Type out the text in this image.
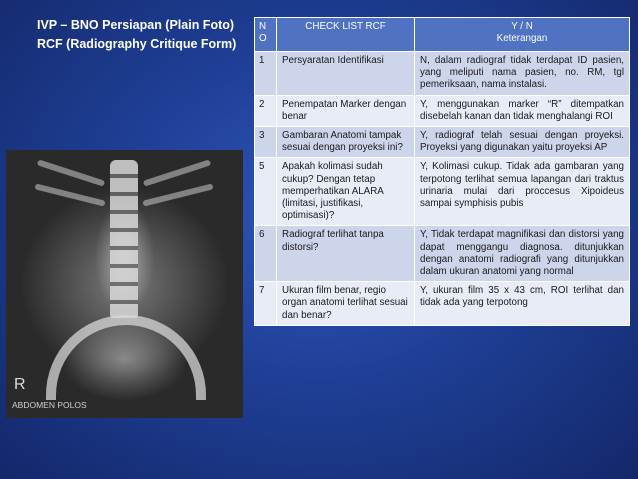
IVP – BNO Persiapan (Plain Foto)
RCF (Radiography Critique Form)
R
ABDOMEN POLOS
N O	CHECK LIST RCF	Y / N
Keterangan

1	Persyaratan Identifikasi	N, dalam radiograf tidak terdapat ID pasien, yang meliputi nama pasien, no. RM, tgl pemeriksaan, nama instalasi.
2	Penempatan Marker dengan benar	Y, menggunakan marker “R” ditempatkan disebelah kanan dan tidak menghalangi ROI
3	Gambaran Anatomi tampak sesuai dengan proyeksi ini?	Y, radiograf telah sesuai dengan proyeksi. Proyeksi yang digunakan yaitu proyeksi AP
5	Apakah kolimasi sudah cukup? Dengan tetap memperhatikan ALARA (limitasi, justifikasi, optimisasi)?	Y, Kolimasi cukup. Tidak ada gambaran yang terpotong terlihat semua lapangan dari traktus urinaria mulai dari proccesus Xipoideus sampai symphisis pubis
6	Radiograf terlihat tanpa distorsi?	Y, Tidak terdapat magnifikasi dan distorsi yang dapat menggangu diagnosa. ditunjukkan dengan anatomi radiografi yang ditunjukkan dalam ukuran anatomi yang normal
7	Ukuran film benar, regio organ anatomi terlihat sesuai dan benar?	Y, ukuran film 35 x 43 cm, ROI terlihat dan tidak ada yang terpotong
